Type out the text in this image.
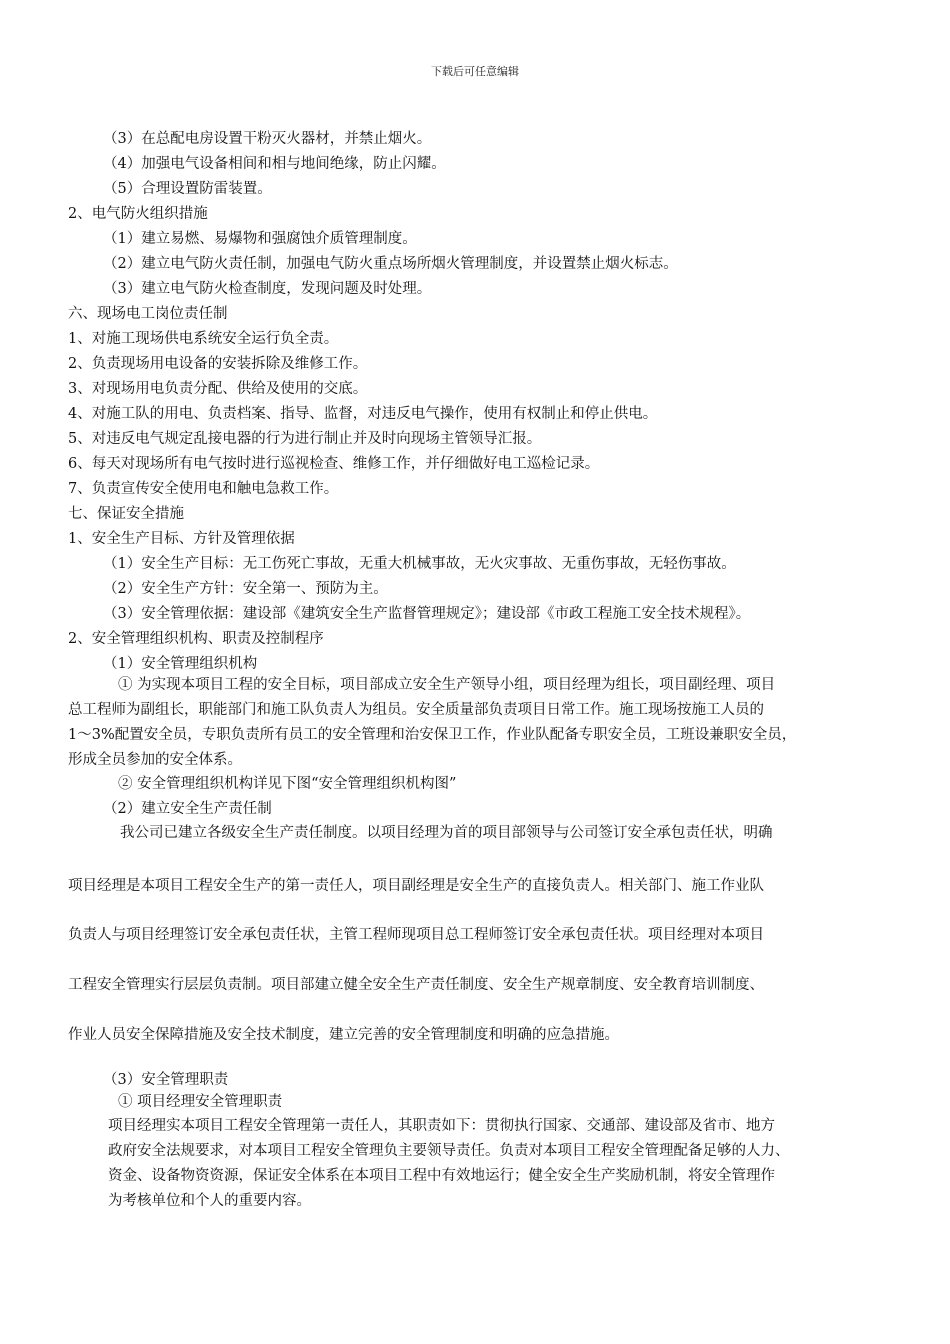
下载后可任意编辑
（3）在总配电房设置干粉灭火器材，并禁止烟火。
（4）加强电气设备相间和相与地间绝缘，防止闪耀。
（5）合理设置防雷装置。
2、电气防火组织措施
（1）建立易燃、易爆物和强腐蚀介质管理制度。
（2）建立电气防火责任制，加强电气防火重点场所烟火管理制度，并设置禁止烟火标志。
（3）建立电气防火检查制度，发现问题及时处理。
六、现场电工岗位责任制
1、对施工现场供电系统安全运行负全责。
2、负责现场用电设备的安装拆除及维修工作。
3、对现场用电负责分配、供给及使用的交底。
4、对施工队的用电、负责档案、指导、监督，对违反电气操作，使用有权制止和停止供电。
5、对违反电气规定乱接电器的行为进行制止并及时向现场主管领导汇报。
6、每天对现场所有电气按时进行巡视检查、维修工作，并仔细做好电工巡检记录。
7、负责宣传安全使用电和触电急救工作。
七、保证安全措施
1、安全生产目标、方针及管理依据
（1）安全生产目标：无工伤死亡事故，无重大机械事故，无火灾事故、无重伤事故，无轻伤事故。
（2）安全生产方针：安全第一、预防为主。
（3）安全管理依据：建设部《建筑安全生产监督管理规定》；建设部《市政工程施工安全技术规程》。
2、安全管理组织机构、职责及控制程序
（1）安全管理组织机构
① 为实现本项目工程的安全目标，项目部成立安全生产领导小组，项目经理为组长，项目副经理、项目
总工程师为副组长，职能部门和施工队负责人为组员。安全质量部负责项目日常工作。施工现场按施工人员的
1～3%配置安全员，专职负责所有员工的安全管理和治安保卫工作，作业队配备专职安全员，工班设兼职安全员，
形成全员参加的安全体系。
② 安全管理组织机构详见下图“安全管理组织机构图”
（2）建立安全生产责任制
我公司已建立各级安全生产责任制度。以项目经理为首的项目部领导与公司签订安全承包责任状，明确
项目经理是本项目工程安全生产的第一责任人，项目副经理是安全生产的直接负责人。相关部门、施工作业队
负责人与项目经理签订安全承包责任状，主管工程师现项目总工程师签订安全承包责任状。项目经理对本项目
工程安全管理实行层层负责制。项目部建立健全安全生产责任制度、安全生产规章制度、安全教育培训制度、
作业人员安全保障措施及安全技术制度，建立完善的安全管理制度和明确的应急措施。
（3）安全管理职责
① 项目经理安全管理职责
项目经理实本项目工程安全管理第一责任人，其职责如下：贯彻执行国家、交通部、建设部及省市、地方
政府安全法规要求，对本项目工程安全管理负主要领导责任。负责对本项目工程安全管理配备足够的人力、
资金、设备物资资源，保证安全体系在本项目工程中有效地运行；健全安全生产奖励机制，将安全管理作
为考核单位和个人的重要内容。
